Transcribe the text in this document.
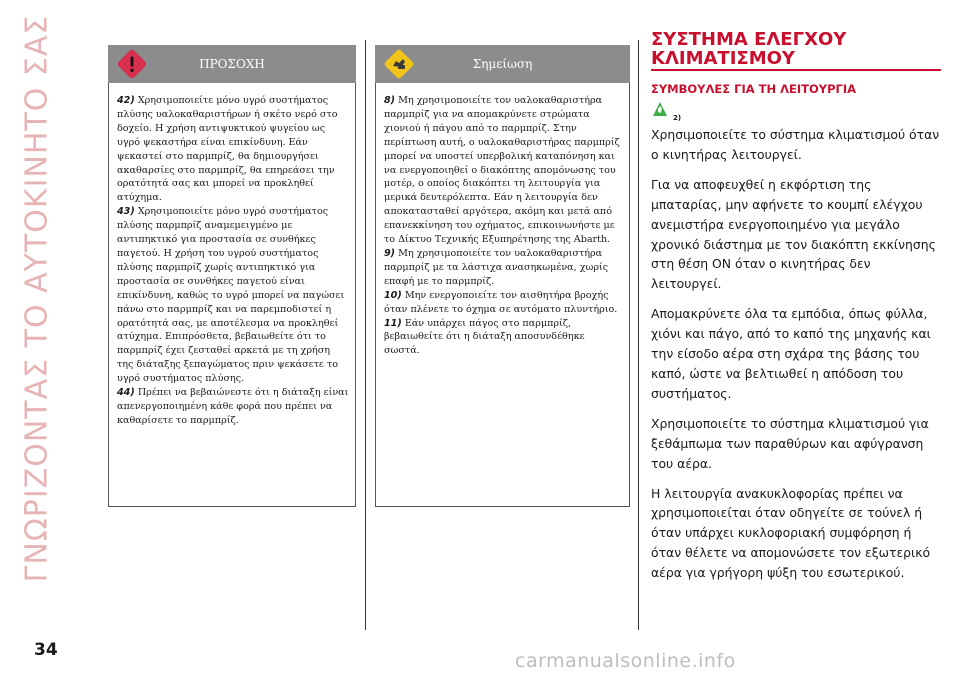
ΓΝΩΡΙΖΟΝΤΑΣ ΤΟ ΑΥΤΟΚΙΝΗΤΟ ΣΑΣ	ΠΡΟΣΟΧΗ

42) Χρησιμοποιείτε μόνο υγρό συστήματος πλύσης υαλοκαθαριστήρων ή σκέτο νερό στο δοχείο. Η χρήση αντιψυκτικού ψυγείου ως υγρό ψεκαστήρα είναι επικίνδυνη. Εάν ψεκαστεί στο παρμπρίζ, θα δημιουργήσει ακαθαρσίες στο παρμπρίζ, θα επηρεάσει την ορατότητά σας και μπορεί να προκληθεί ατύχημα.

43) Χρησιμοποιείτε μόνο υγρό συστήματος πλύσης παρμπρίζ αναμεμειγμένο με αντιπηκτικό για προστασία σε συνθήκες παγετού. Η χρήση του υγρού συστήματος πλύσης παρμπρίζ χωρίς αντιπηκτικό για προστασία σε συνθήκες παγετού είναι επικίνδυνη, καθώς το υγρό μπορεί να παγώσει πάνω στο παρμπρίζ και να παρεμποδιστεί η ορατότητά σας, με αποτέλεσμα να προκληθεί ατύχημα. Επιπρόσθετα, βεβαιωθείτε ότι το παρμπρίζ έχει ζεσταθεί αρκετά με τη χρήση της διάταξης ξεπαγώματος πριν ψεκάσετε το υγρό συστήματος πλύσης.

44) Πρέπει να βεβαιώνεστε ότι η διάταξη είναι απενεργοποιημένη κάθε φορά που πρέπει να καθαρίσετε το παρμπρίζ.

Σημείωση

8) Μη χρησιμοποιείτε τον υαλοκαθαριστήρα παρμπρίζ για να απομακρύνετε στρώματα χιονιού ή πάγου από το παρμπρίζ. Στην περίπτωση αυτή, ο υαλοκαθαριστήρας παρμπρίζ μπορεί να υποστεί υπερβολική καταπόνηση και να ενεργοποιηθεί ο διακόπτης απομόνωσης του μοτέρ, ο οποίος διακόπτει τη λειτουργία για μερικά δευτερόλεπτα. Εάν η λειτουργία δεν αποκατασταθεί αργότερα, ακόμη και μετά από επανεκκίνηση του οχήματος, επικοινωνήστε με το Δίκτυο Τεχνικής Εξυπηρέτησης της Abarth.

9) Μη χρησιμοποιείτε τον υαλοκαθαριστήρα παρμπρίζ με τα λάστιχα ανασηκωμένα, χωρίς επαφή με το παρμπρίζ.

10) Μην ενεργοποιείτε τον αισθητήρα βροχής όταν πλένετε το όχημα σε αυτόματο πλυντήριο.

11) Εάν υπάρχει πάγος στο παρμπρίζ, βεβαιωθείτε ότι η διάταξη αποσυνδέθηκε σωστά.

ΣΥΣΤΗΜΑ ΕΛΕΓΧΟΥ ΚΛΙΜΑΤΙΣΜΟΥ
ΣΥΜΒΟΥΛΕΣ ΓΙΑ ΤΗ ΛΕΙΤΟΥΡΓΙΑ
2)

Χρησιμοποιείτε το σύστημα κλιματισμού όταν ο κινητήρας λειτουργεί.

Για να αποφευχθεί η εκφόρτιση της μπαταρίας, μην αφήνετε το κουμπί ελέγχου ανεμιστήρα ενεργοποιημένο για μεγάλο χρονικό διάστημα με τον διακόπτη εκκίνησης στη θέση ON όταν ο κινητήρας δεν λειτουργεί.

Απομακρύνετε όλα τα εμπόδια, όπως φύλλα, χιόνι και πάγο, από το καπό της μηχανής και την είσοδο αέρα στη σχάρα της βάσης του καπό, ώστε να βελτιωθεί η απόδοση του συστήματος.

Χρησιμοποιείτε το σύστημα κλιματισμού για ξεθάμπωμα των παραθύρων και αφύγρανση του αέρα.

Η λειτουργία ανακυκλοφορίας πρέπει να χρησιμοποιείται όταν οδηγείτε σε τούνελ ή όταν υπάρχει κυκλοφοριακή συμφόρηση ή όταν θέλετε να απομονώσετε τον εξωτερικό αέρα για γρήγορη ψύξη του εσωτερικού.

34	carmanualsonline.info
